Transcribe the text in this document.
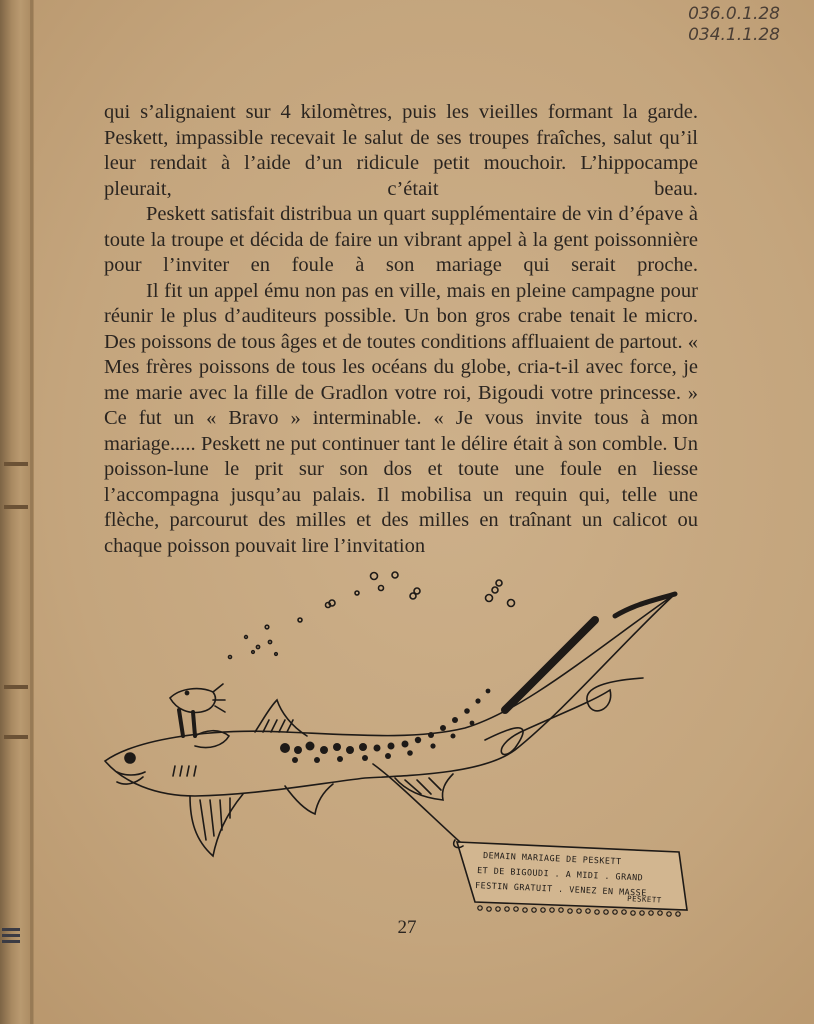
036.0.1.28
034.1.1.28

qui s’alignaient sur 4 kilomètres, puis les vieilles formant la garde. Peskett, impassible recevait le salut de ses troupes fraîches, salut qu’il leur rendait à l’aide d’un ridicule petit mouchoir. L’hippocampe pleurait, c’était beau.

Peskett satisfait distribua un quart supplémentaire de vin d’épave à toute la troupe et décida de faire un vibrant appel à la gent poissonnière pour l’inviter en foule à son mariage qui serait proche.

Il fit un appel ému non pas en ville, mais en pleine campagne pour réunir le plus d’auditeurs possible. Un bon gros crabe tenait le micro. Des poissons de tous âges et de toutes conditions affluaient de partout. « Mes frères poissons de tous les océans du globe, cria-t-il avec force, je me marie avec la fille de Gradlon votre roi, Bigoudi votre princesse. » Ce fut un « Bravo » interminable. « Je vous invite tous à mon mariage..... Peskett ne put continuer tant le délire était à son comble. Un poisson-lune le prit sur son dos et toute une foule en liesse l’accompagna jusqu’au palais. Il mobilisa un requin qui, telle une flèche, parcourut des milles et des milles en traînant un calicot ou chaque poisson pouvait lire l’invitation

DEMAIN MARIAGE DE PESKETT
ET DE BIGOUDI . A MIDI . GRAND
FESTIN GRATUIT . VENEZ EN MASSE
PESKETT
27
